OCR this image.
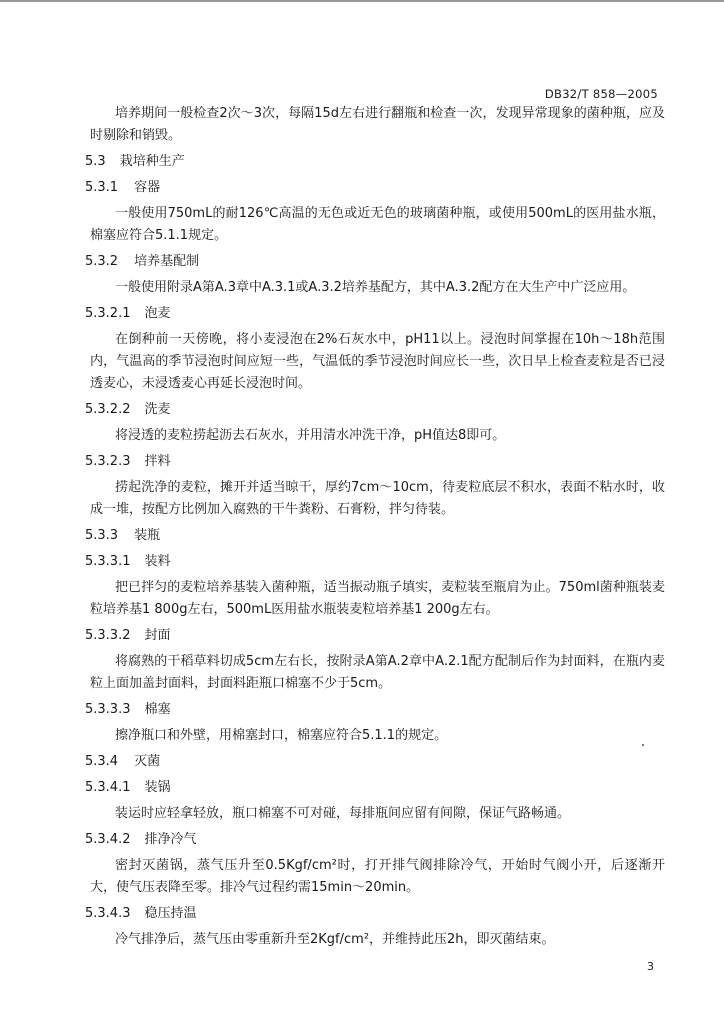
DB32/T 858—2005

培养期间一般检查2次～3次，每隔15d左右进行翻瓶和检查一次，发现异常现象的菌种瓶，应及时剔除和销毁。

5.3 栽培种生产
5.3.1 容器

一般使用750mL的耐126℃高温的无色或近无色的玻璃菌种瓶，或使用500mL的医用盐水瓶，棉塞应符合5.1.1规定。

5.3.2 培养基配制

一般使用附录A第A.3章中A.3.1或A.3.2培养基配方，其中A.3.2配方在大生产中广泛应用。

5.3.2.1 泡麦

在倒种前一天傍晚，将小麦浸泡在2%石灰水中，pH11以上。浸泡时间掌握在10h～18h范围内，气温高的季节浸泡时间应短一些，气温低的季节浸泡时间应长一些，次日早上检查麦粒是否已浸透麦心，未浸透麦心再延长浸泡时间。

5.3.2.2 洗麦

将浸透的麦粒捞起沥去石灰水，并用清水冲洗干净，pH值达8即可。

5.3.2.3 拌料

捞起洗净的麦粒，摊开并适当晾干，厚约7cm～10cm，待麦粒底层不积水，表面不粘水时，收成一堆，按配方比例加入腐熟的干牛粪粉、石膏粉，拌匀待装。

5.3.3 装瓶
5.3.3.1 装料

把已拌匀的麦粒培养基装入菌种瓶，适当振动瓶子填实，麦粒装至瓶肩为止。750ml菌种瓶装麦粒培养基1 800g左右，500mL医用盐水瓶装麦粒培养基1 200g左右。

5.3.3.2 封面

将腐熟的干稻草料切成5cm左右长，按附录A第A.2章中A.2.1配方配制后作为封面料，在瓶内麦粒上面加盖封面料，封面料距瓶口棉塞不少于5cm。

5.3.3.3 棉塞

擦净瓶口和外壁，用棉塞封口，棉塞应符合5.1.1的规定。

5.3.4 灭菌
5.3.4.1 装锅

装运时应轻拿轻放，瓶口棉塞不可对碰，每排瓶间应留有间隙，保证气路畅通。

5.3.4.2 排净冷气

密封灭菌锅，蒸气压升至0.5Kgf/cm²时，打开排气阀排除冷气，开始时气阀小开，后逐渐开大，使气压表降至零。排冷气过程约需15min～20min。

5.3.4.3 稳压持温

冷气排净后，蒸气压由零重新升至2Kgf/cm²，并维持此压2h，即灭菌结束。

3
